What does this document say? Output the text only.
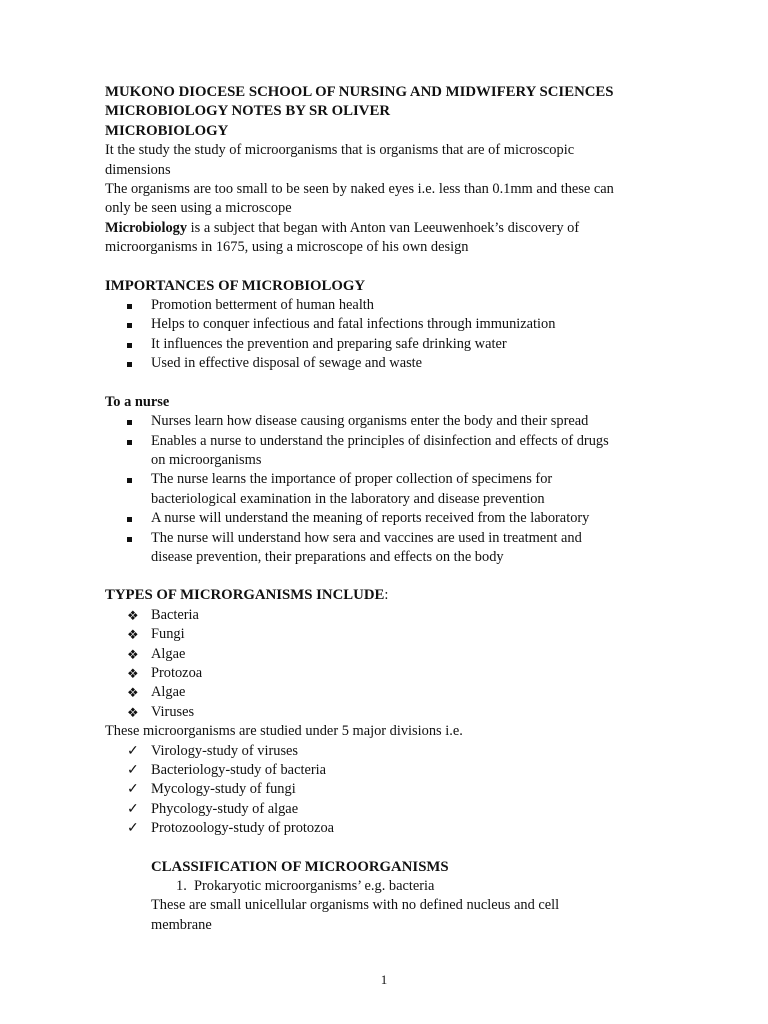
MUKONO DIOCESE SCHOOL OF NURSING AND MIDWIFERY SCIENCES
MICROBIOLOGY NOTES BY SR OLIVER
MICROBIOLOGY
It the study the study of microorganisms that is organisms that are of microscopic
dimensions
The organisms are too small to be seen by naked eyes i.e. less than 0.1mm and these can
only be seen using a microscope
Microbiology is a subject that began with Anton van Leeuwenhoek’s discovery of
microorganisms in 1675, using a microscope of his own design
IMPORTANCES OF MICROBIOLOGY
Promotion betterment of human health
Helps to conquer infectious and fatal infections through immunization
It influences the prevention and preparing safe drinking water
Used in effective disposal of sewage and waste
To a nurse
Nurses learn how disease causing organisms enter the body and their spread
Enables a nurse to understand the principles of disinfection and effects of drugs
on microorganisms
The nurse learns the importance of proper collection of specimens for
bacteriological examination in the laboratory and disease prevention
A nurse will understand the meaning of reports received from the laboratory
The nurse will understand how sera and vaccines are used in treatment and
disease prevention, their preparations and effects on the body
TYPES OF MICRORGANISMS INCLUDE:
❖ Bacteria
❖ Fungi
❖ Algae
❖ Protozoa
❖ Algae
❖ Viruses
These microorganisms are studied under 5 major divisions i.e.
✓ Virology-study of viruses
✓ Bacteriology-study of bacteria
✓ Mycology-study of fungi
✓ Phycology-study of algae
✓ Protozoology-study of protozoa
CLASSIFICATION OF MICROORGANISMS
1. Prokaryotic microorganisms’ e.g. bacteria
These are small unicellular organisms with no defined nucleus and cell
membrane
1
